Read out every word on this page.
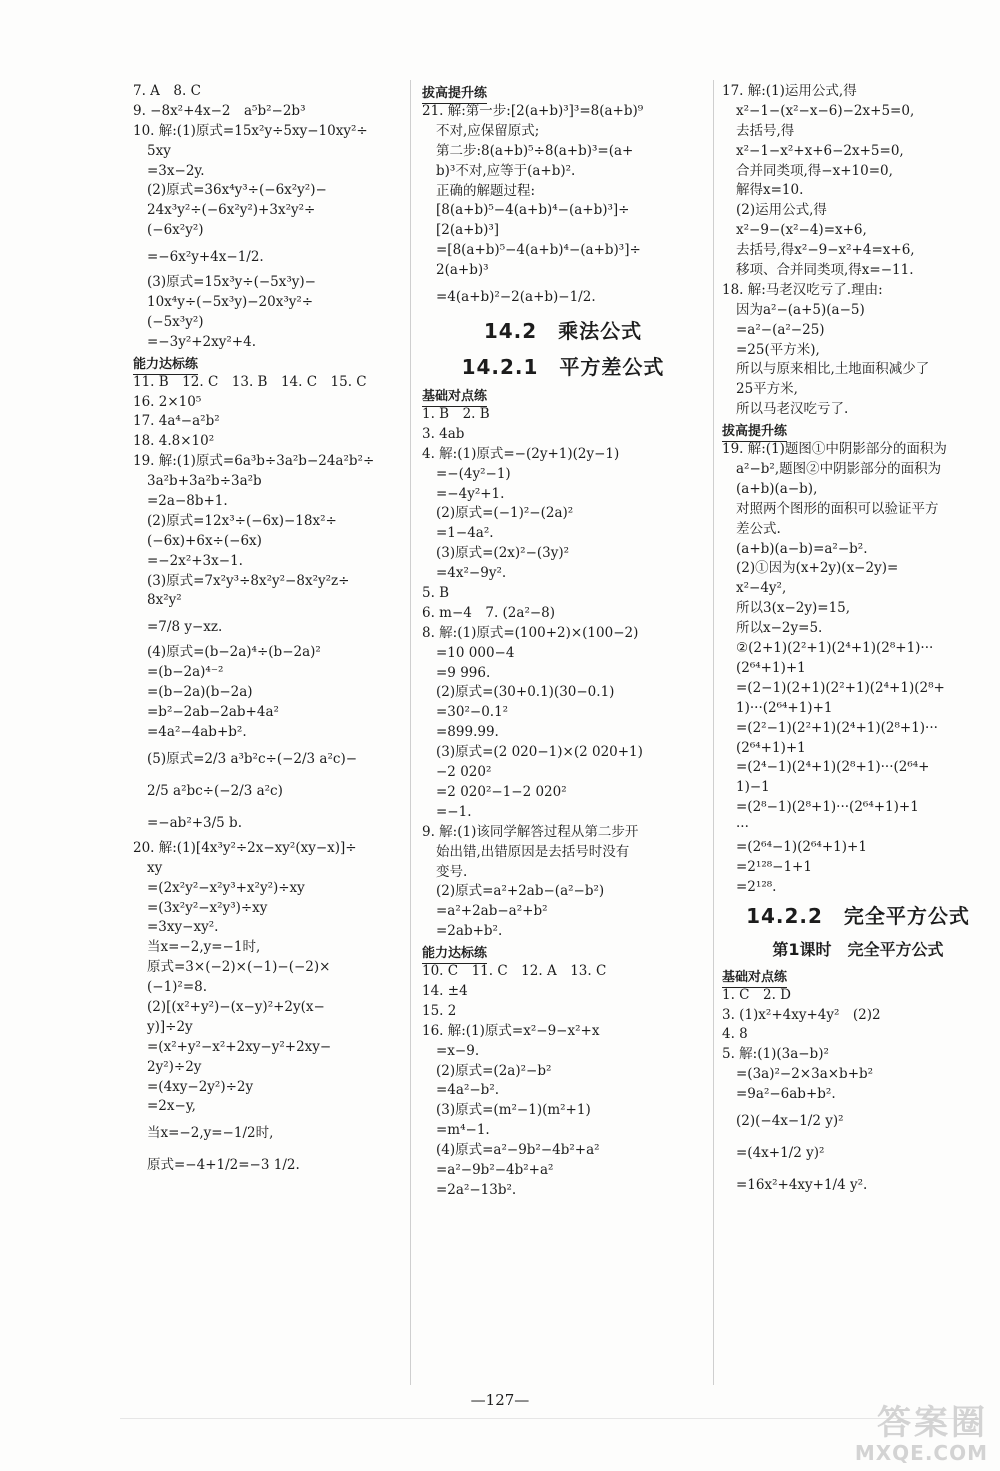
7. A　8. C
9. −8x²+4x−2　a⁵b²−2b³
10. 解:(1)原式=15x²y÷5xy−10xy²÷
5xy
=3x−2y.
(2)原式=36x⁴y³÷(−6x²y²)−
24x³y²÷(−6x²y²)+3x²y²÷
(−6x²y²)
=−6x²y+4x−1/2.
(3)原式=15x³y÷(−5x³y)−
10x⁴y÷(−5x³y)−20x³y²÷
(−5x³y²)
=−3y²+2xy²+4.
能力达标练
11. B　12. C　13. B　14. C　15. C
16. 2×10⁵
17. 4a⁴−a²b²
18. 4.8×10²
19. 解:(1)原式=6a³b÷3a²b−24a²b²÷
3a²b+3a²b÷3a²b
=2a−8b+1.
(2)原式=12x³÷(−6x)−18x²÷
(−6x)+6x÷(−6x)
=−2x²+3x−1.
(3)原式=7x²y³÷8x²y²−8x²y²z÷
8x²y²
=7/8 y−xz.
(4)原式=(b−2a)⁴÷(b−2a)²
=(b−2a)⁴⁻²
=(b−2a)(b−2a)
=b²−2ab−2ab+4a²
=4a²−4ab+b².
(5)原式=2/3 a³b²c÷(−2/3 a²c)−
2/5 a²bc÷(−2/3 a²c)
=−ab²+3/5 b.
20. 解:(1)[4x³y²÷2x−xy²(xy−x)]÷
xy
=(2x²y²−x²y³+x²y²)÷xy
=(3x²y²−x²y³)÷xy
=3xy−xy².
当x=−2,y=−1时,
原式=3×(−2)×(−1)−(−2)×
(−1)²=8.
(2)[(x²+y²)−(x−y)²+2y(x−
y)]÷2y
=(x²+y²−x²+2xy−y²+2xy−
2y²)÷2y
=(4xy−2y²)÷2y
=2x−y,
当x=−2,y=−1/2时,
原式=−4+1/2=−3 1/2.
拔高提升练
21. 解:第一步:[2(a+b)³]³=8(a+b)⁹
不对,应保留原式;
第二步:8(a+b)⁵÷8(a+b)³=(a+
b)³不对,应等于(a+b)².
正确的解题过程:
[8(a+b)⁵−4(a+b)⁴−(a+b)³]÷
[2(a+b)³]
=[8(a+b)⁵−4(a+b)⁴−(a+b)³]÷
2(a+b)³
=4(a+b)²−2(a+b)−1/2.
14.2　乘法公式
14.2.1　平方差公式
基础对点练
1. B　2. B
3. 4ab
4. 解:(1)原式=−(2y+1)(2y−1)
=−(4y²−1)
=−4y²+1.
(2)原式=(−1)²−(2a)²
=1−4a².
(3)原式=(2x)²−(3y)²
=4x²−9y².
5. B
6. m−4　7. (2a²−8)
8. 解:(1)原式=(100+2)×(100−2)
=10 000−4
=9 996.
(2)原式=(30+0.1)(30−0.1)
=30²−0.1²
=899.99.
(3)原式=(2 020−1)×(2 020+1)
−2 020²
=2 020²−1−2 020²
=−1.
9. 解:(1)该同学解答过程从第二步开
始出错,出错原因是去括号时没有
变号.
(2)原式=a²+2ab−(a²−b²)
=a²+2ab−a²+b²
=2ab+b².
能力达标练
10. C　11. C　12. A　13. C
14. ±4
15. 2
16. 解:(1)原式=x²−9−x²+x
=x−9.
(2)原式=(2a)²−b²
=4a²−b².
(3)原式=(m²−1)(m²+1)
=m⁴−1.
(4)原式=a²−9b²−4b²+a²
=a²−9b²−4b²+a²
=2a²−13b².
17. 解:(1)运用公式,得
x²−1−(x²−x−6)−2x+5=0,
去括号,得
x²−1−x²+x+6−2x+5=0,
合并同类项,得−x+10=0,
解得x=10.
(2)运用公式,得
x²−9−(x²−4)=x+6,
去括号,得x²−9−x²+4=x+6,
移项、合并同类项,得x=−11.
18. 解:马老汉吃亏了.理由:
因为a²−(a+5)(a−5)
=a²−(a²−25)
=25(平方米),
所以与原来相比,土地面积减少了
25平方米,
所以马老汉吃亏了.
拔高提升练
19. 解:(1)题图①中阴影部分的面积为
a²−b²,题图②中阴影部分的面积为
(a+b)(a−b),
对照两个图形的面积可以验证平方
差公式.
(a+b)(a−b)=a²−b².
(2)①因为(x+2y)(x−2y)=
x²−4y²,
所以3(x−2y)=15,
所以x−2y=5.
②(2+1)(2²+1)(2⁴+1)(2⁸+1)···
(2⁶⁴+1)+1
=(2−1)(2+1)(2²+1)(2⁴+1)(2⁸+
1)···(2⁶⁴+1)+1
=(2²−1)(2²+1)(2⁴+1)(2⁸+1)···
(2⁶⁴+1)+1
=(2⁴−1)(2⁴+1)(2⁸+1)···(2⁶⁴+
1)−1
=(2⁸−1)(2⁸+1)···(2⁶⁴+1)+1
···
=(2⁶⁴−1)(2⁶⁴+1)+1
=2¹²⁸−1+1
=2¹²⁸.
14.2.2　完全平方公式
第1课时　完全平方公式
基础对点练
1. C　2. D
3. (1)x²+4xy+4y²　(2)2
4. 8
5. 解:(1)(3a−b)²
=(3a)²−2×3a×b+b²
=9a²−6ab+b².
(2)(−4x−1/2 y)²
=(4x+1/2 y)²
=16x²+4xy+1/4 y².
—127—
答案圈
MXQE.COM
